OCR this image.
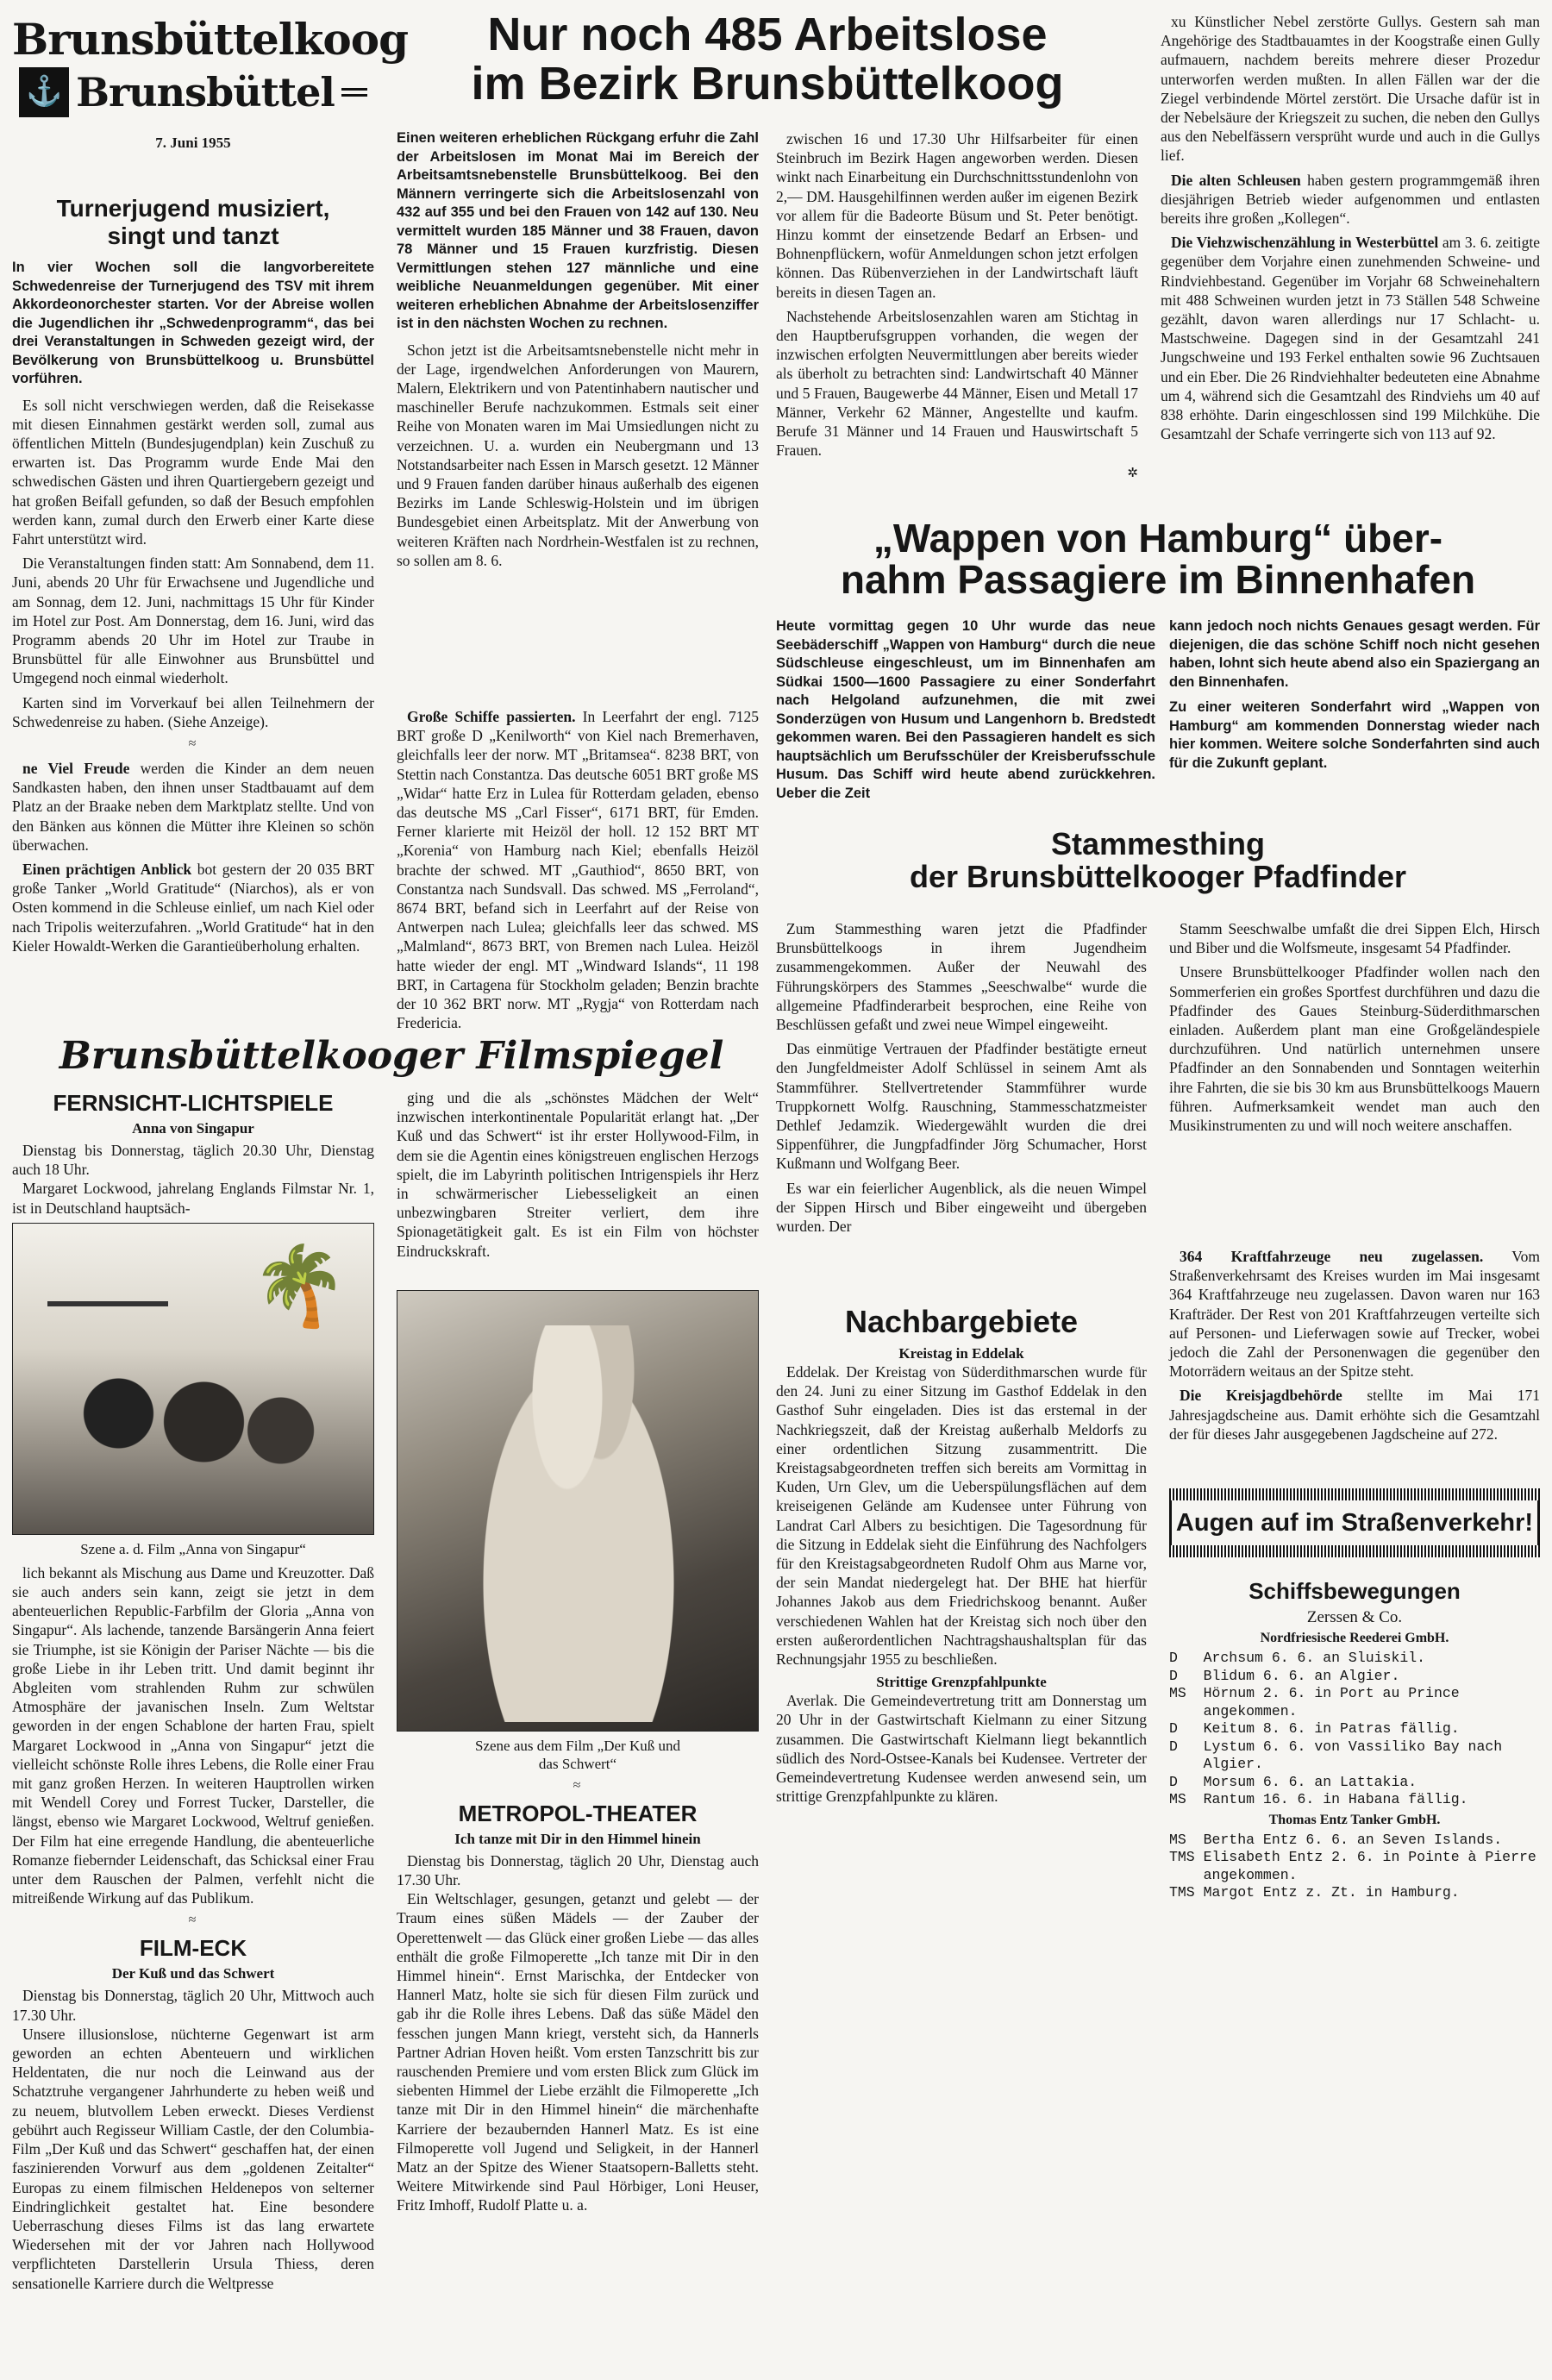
Brunsbüttelkoog
⚓ Brunsbüttel
7. Juni 1955
Turnerjugend musiziert, singt und tanzt

In vier Wochen soll die langvorbereitete Schwedenreise der Turnerjugend des TSV mit ihrem Akkordeonorchester starten. Vor der Abreise wollen die Jugendlichen ihr „Schwedenprogramm“, das bei drei Veranstaltungen in Schweden gezeigt wird, der Bevölkerung von Brunsbüttelkoog u. Brunsbüttel vorführen.

Es soll nicht verschwiegen werden, daß die Reisekasse mit diesen Einnahmen gestärkt werden soll, zumal aus öffentlichen Mitteln (Bundesjugendplan) kein Zuschuß zu erwarten ist. Das Programm wurde Ende Mai den schwedischen Gästen und ihren Quartiergebern gezeigt und hat großen Beifall gefunden, so daß der Besuch empfohlen werden kann, zumal durch den Erwerb einer Karte diese Fahrt unterstützt wird.

Die Veranstaltungen finden statt: Am Sonnabend, dem 11. Juni, abends 20 Uhr für Erwachsene und Jugendliche und am Sonnag, dem 12. Juni, nachmittags 15 Uhr für Kinder im Hotel zur Post. Am Donnerstag, dem 16. Juni, wird das Programm abends 20 Uhr im Hotel zur Traube in Brunsbüttel für alle Einwohner aus Brunsbüttel und Umgegend noch einmal wiederholt.

Karten sind im Vorverkauf bei allen Teilnehmern der Schwedenreise zu haben. (Siehe Anzeige).

≈

ne Viel Freude werden die Kinder an dem neuen Sandkasten haben, den ihnen unser Stadtbauamt auf dem Platz an der Braake neben dem Marktplatz stellte. Und von den Bänken aus können die Mütter ihre Kleinen so schön überwachen.

Einen prächtigen Anblick bot gestern der 20 035 BRT große Tanker „World Gratitude“ (Niarchos), als er von Osten kommend in die Schleuse einlief, um nach Kiel oder nach Tripolis weiterzufahren. „World Gratitude“ hat in den Kieler Howaldt-Werken die Garantieüberholung erhalten.

Brunsbüttelkooger Filmspiegel
FERNSICHT-LICHTSPIELE
Anna von Singapur

Dienstag bis Donnerstag, täglich 20.30 Uhr, Dienstag auch 18 Uhr.

Margaret Lockwood, jahrelang Englands Filmstar Nr. 1, ist in Deutschland hauptsäch-

🌴
Szene a. d. Film „Anna von Singapur“

lich bekannt als Mischung aus Dame und Kreuzotter. Daß sie auch anders sein kann, zeigt sie jetzt in dem abenteuerlichen Republic-Farbfilm der Gloria „Anna von Singapur“. Als lachende, tanzende Barsängerin Anna feiert sie Triumphe, ist sie Königin der Pariser Nächte — bis die große Liebe in ihr Leben tritt. Und damit beginnt ihr Abgleiten vom strahlenden Ruhm zur schwülen Atmosphäre der javanischen Inseln. Zum Weltstar geworden in der engen Schablone der harten Frau, spielt Margaret Lockwood in „Anna von Singapur“ jetzt die vielleicht schönste Rolle ihres Lebens, die Rolle einer Frau mit ganz großen Herzen. In weiteren Hauptrollen wirken mit Wendell Corey und Forrest Tucker, Darsteller, die längst, ebenso wie Margaret Lockwood, Weltruf genießen. Der Film hat eine erregende Handlung, die abenteuerliche Romanze fiebernder Leidenschaft, das Schicksal einer Frau unter dem Rauschen der Palmen, verfehlt nicht die mitreißende Wirkung auf das Publikum.

≈
FILM-ECK
Der Kuß und das Schwert

Dienstag bis Donnerstag, täglich 20 Uhr, Mittwoch auch 17.30 Uhr.

Unsere illusionslose, nüchterne Gegenwart ist arm geworden an echten Abenteuern und wirklichen Heldentaten, die nur noch die Leinwand aus der Schatztruhe vergangener Jahrhunderte zu heben weiß und zu neuem, blutvollem Leben erweckt. Dieses Verdienst gebührt auch Regisseur William Castle, der den Columbia-Film „Der Kuß und das Schwert“ geschaffen hat, der einen faszinierenden Vorwurf aus dem „goldenen Zeitalter“ Europas zu einem filmischen Heldenepos von selterner Eindringlichkeit gestaltet hat. Eine besondere Ueberraschung dieses Films ist das lang erwartete Wiedersehen mit der vor Jahren nach Hollywood verpflichteten Darstellerin Ursula Thiess, deren sensationelle Karriere durch die Weltpresse

Nur noch 485 Arbeitslose
im Bezirk Brunsbüttelkoog

Einen weiteren erheblichen Rückgang erfuhr die Zahl der Arbeitslosen im Monat Mai im Bereich der Arbeitsamtsnebenstelle Brunsbüttelkoog. Bei den Männern verringerte sich die Arbeitslosenzahl von 432 auf 355 und bei den Frauen von 142 auf 130. Neu vermittelt wurden 185 Männer und 38 Frauen, davon 78 Männer und 15 Frauen kurzfristig. Diesen Vermittlungen stehen 127 männliche und eine weibliche Neuanmeldungen gegenüber. Mit einer weiteren erheblichen Abnahme der Arbeitslosenziffer ist in den nächsten Wochen zu rechnen.

Schon jetzt ist die Arbeitsamtsnebenstelle nicht mehr in der Lage, irgendwelchen Anforderungen von Maurern, Malern, Elektrikern und von Patentinhabern nautischer und maschineller Berufe nachzukommen. Estmals seit einer Reihe von Monaten waren im Mai Umsiedlungen nicht zu verzeichnen. U. a. wurden ein Neubergmann und 13 Notstandsarbeiter nach Essen in Marsch gesetzt. 12 Männer und 9 Frauen fanden darüber hinaus außerhalb des eigenen Bezirks im Lande Schleswig-Holstein und im übrigen Bundesgebiet einen Arbeitsplatz. Mit der Anwerbung von weiteren Kräften nach Nordrhein-Westfalen ist zu rechnen, so sollen am 8. 6.

zwischen 16 und 17.30 Uhr Hilfsarbeiter für einen Steinbruch im Bezirk Hagen angeworben werden. Diesen winkt nach Einarbeitung ein Durchschnittsstundenlohn von 2,— DM. Hausgehilfinnen werden außer im eigenen Bezirk vor allem für die Badeorte Büsum und St. Peter benötigt. Hinzu kommt der einsetzende Bedarf an Erbsen- und Bohnenpflückern, wofür Anmeldungen schon jetzt erfolgen können. Das Rübenverziehen in der Landwirtschaft läuft bereits in diesen Tagen an.

Nachstehende Arbeitslosenzahlen waren am Stichtag in den Hauptberufsgruppen vorhanden, die wegen der inzwischen erfolgten Neuvermittlungen aber bereits wieder als überholt zu betrachten sind: Landwirtschaft 40 Männer und 5 Frauen, Baugewerbe 44 Männer, Eisen und Metall 17 Männer, Verkehr 62 Männer, Angestellte und kaufm. Berufe 31 Männer und 14 Frauen und Hauswirtschaft 5 Frauen.

✲

Große Schiffe passierten. In Leerfahrt der engl. 7125 BRT große D „Kenilworth“ von Kiel nach Bremerhaven, gleichfalls leer der norw. MT „Britamsea“. 8238 BRT, von Stettin nach Constantza. Das deutsche 6051 BRT große MS „Widar“ hatte Erz in Lulea für Rotterdam geladen, ebenso das deutsche MS „Carl Fisser“, 6171 BRT, für Emden. Ferner klarierte mit Heizöl der holl. 12 152 BRT MT „Korenia“ von Hamburg nach Kiel; ebenfalls Heizöl brachte der schwed. MT „Gauthiod“, 8650 BRT, von Constantza nach Sundsvall. Das schwed. MS „Ferroland“, 8674 BRT, befand sich in Leerfahrt auf der Reise von Antwerpen nach Lulea; gleichfalls leer das schwed. MS „Malmland“, 8673 BRT, von Bremen nach Lulea. Heizöl hatte wieder der engl. MT „Windward Islands“, 11 198 BRT, in Cartagena für Stockholm geladen; Benzin brachte der 10 362 BRT norw. MT „Rygja“ von Rotterdam nach Fredericia.

ging und die als „schönstes Mädchen der Welt“ inzwischen interkontinentale Popularität erlangt hat. „Der Kuß und das Schwert“ ist ihr erster Hollywood-Film, in dem sie die Agentin eines königstreuen englischen Herzogs spielt, die im Labyrinth politischen Intrigenspiels ihr Herz in schwärmerischer Liebesseligkeit an einen unbezwingbaren Streiter verliert, dem ihre Spionagetätigkeit galt. Es ist ein Film von höchster Eindruckskraft.

Szene aus dem Film „Der Kuß und das Schwert“
≈
METROPOL-THEATER
Ich tanze mit Dir in den Himmel hinein

Dienstag bis Donnerstag, täglich 20 Uhr, Dienstag auch 17.30 Uhr.

Ein Weltschlager, gesungen, getanzt und gelebt — der Traum eines süßen Mädels — der Zauber der Operettenwelt — das Glück einer großen Liebe — das alles enthält die große Filmoperette „Ich tanze mit Dir in den Himmel hinein“. Ernst Marischka, der Entdecker von Hannerl Matz, holte sie sich für diesen Film zurück und gab ihr die Rolle ihres Lebens. Daß das süße Mädel den fesschen jungen Mann kriegt, versteht sich, da Hannerls Partner Adrian Hoven heißt. Vom ersten Tanzschritt bis zur rauschenden Premiere und vom ersten Blick zum Glück im siebenten Himmel der Liebe erzählt die Filmoperette „Ich tanze mit Dir in den Himmel hinein“ die märchenhafte Karriere der bezaubernden Hannerl Matz. Es ist eine Filmoperette voll Jugend und Seligkeit, in der Hannerl Matz an der Spitze des Wiener Staatsopern-Balletts steht. Weitere Mitwirkende sind Paul Hörbiger, Loni Heuser, Fritz Imhoff, Rudolf Platte u. a.

xu Künstlicher Nebel zerstörte Gullys. Gestern sah man Angehörige des Stadtbauamtes in der Koogstraße einen Gully aufmauern, nachdem bereits mehrere dieser Prozedur unterworfen werden mußten. In allen Fällen war der die Ziegel verbindende Mörtel zerstört. Die Ursache dafür ist in der Nebelsäure der Kriegszeit zu suchen, die neben den Gullys aus den Nebelfässern versprüht wurde und auch in die Gullys lief.

Die alten Schleusen haben gestern programmgemäß ihren diesjährigen Betrieb wieder aufgenommen und entlasten bereits ihre großen „Kollegen“.

Die Viehzwischenzählung in Westerbüttel am 3. 6. zeitigte gegenüber dem Vorjahre einen zunehmenden Schweine- und Rindviehbestand. Gegenüber im Vorjahr 68 Schweinehaltern mit 488 Schweinen wurden jetzt in 73 Ställen 548 Schweine gezählt, davon waren allerdings nur 17 Schlacht- u. Mastschweine. Dagegen sind in der Gesamtzahl 241 Jungschweine und 193 Ferkel enthalten sowie 96 Zuchtsauen und ein Eber. Die 26 Rindviehhalter bedeuteten eine Abnahme um 4, während sich die Gesamtzahl des Rindviehs um 40 auf 838 erhöhte. Darin eingeschlossen sind 199 Milchkühe. Die Gesamtzahl der Schafe verringerte sich von 113 auf 92.

„Wappen von Hamburg“ über-
nahm Passagiere im Binnenhafen

Heute vormittag gegen 10 Uhr wurde das neue Seebäderschiff „Wappen von Hamburg“ durch die neue Südschleuse eingeschleust, um im Binnenhafen am Südkai 1500—1600 Passagiere zu einer Sonderfahrt nach Helgoland aufzunehmen, die mit zwei Sonderzügen von Husum und Langenhorn b. Bredstedt gekommen waren. Bei den Passagieren handelt es sich hauptsächlich um Berufsschüler der Kreisberufsschule Husum. Das Schiff wird heute abend zurückkehren. Ueber die Zeit

kann jedoch noch nichts Genaues gesagt werden. Für diejenigen, die das schöne Schiff noch nicht gesehen haben, lohnt sich heute abend also ein Spaziergang an den Binnenhafen.

Zu einer weiteren Sonderfahrt wird „Wappen von Hamburg“ am kommenden Donnerstag wieder nach hier kommen. Weitere solche Sonderfahrten sind auch für die Zukunft geplant.

Stammesthing
der Brunsbüttelkooger Pfadfinder

Zum Stammesthing waren jetzt die Pfadfinder Brunsbüttelkoogs in ihrem Jugendheim zusammengekommen. Außer der Neuwahl des Führungskörpers des Stammes „Seeschwalbe“ wurde die allgemeine Pfadfinderarbeit besprochen, eine Reihe von Beschlüssen gefaßt und zwei neue Wimpel eingeweiht.

Das einmütige Vertrauen der Pfadfinder bestätigte erneut den Jungfeldmeister Adolf Schlüssel in seinem Amt als Stammführer. Stellvertretender Stammführer wurde Truppkornett Wolfg. Rauschning, Stammesschatzmeister Dethlef Jedamzik. Wiedergewählt wurden die drei Sippenführer, die Jungpfadfinder Jörg Schumacher, Horst Kußmann und Wolfgang Beer.

Es war ein feierlicher Augenblick, als die neuen Wimpel der Sippen Hirsch und Biber eingeweiht und übergeben wurden. Der

Stamm Seeschwalbe umfaßt die drei Sippen Elch, Hirsch und Biber und die Wolfsmeute, insgesamt 54 Pfadfinder.

Unsere Brunsbüttelkooger Pfadfinder wollen nach den Sommerferien ein großes Sportfest durchführen und dazu die Pfadfinder des Gaues Steinburg-Süderdithmarschen einladen. Außerdem plant man eine Großgeländespiele durchzuführen. Und natürlich unternehmen unsere Pfadfinder an den Sonnabenden und Sonntagen weiterhin ihre Fahrten, die sie bis 30 km aus Brunsbüttelkoogs Mauern führen. Aufmerksamkeit wendet man auch den Musikinstrumenten zu und will noch weitere anschaffen.

364 Kraftfahrzeuge neu zugelassen. Vom Straßenverkehrsamt des Kreises wurden im Mai insgesamt 364 Kraftfahrzeuge neu zugelassen. Davon waren nur 163 Krafträder. Der Rest von 201 Kraftfahrzeugen verteilte sich auf Personen- und Lieferwagen sowie auf Trecker, wobei jedoch die Zahl der Personenwagen die gegenüber den Motorrädern weitaus an der Spitze steht.

Die Kreisjagdbehörde stellte im Mai 171 Jahresjagdscheine aus. Damit erhöhte sich die Gesamtzahl der für dieses Jahr ausgegebenen Jagdscheine auf 272.

Nachbargebiete
Kreistag in Eddelak

Eddelak. Der Kreistag von Süderdithmarschen wurde für den 24. Juni zu einer Sitzung im Gasthof Eddelak in den Gasthof Suhr eingeladen. Dies ist das erstemal in der Nachkriegszeit, daß der Kreistag außerhalb Meldorfs zu einer ordentlichen Sitzung zusammentritt. Die Kreistagsabgeordneten treffen sich bereits am Vormittag in Kuden, Urn Glev, um die Ueberspülungsflächen auf dem kreiseigenen Gelände am Kudensee unter Führung von Landrat Carl Albers zu besichtigen. Die Tagesordnung für die Sitzung in Eddelak sieht die Einführung des Nachfolgers für den Kreistagsabgeordneten Rudolf Ohm aus Marne vor, der sein Mandat niedergelegt hat. Der BHE hat hierfür Johannes Jakob aus dem Friedrichskoog benannt. Außer verschiedenen Wahlen hat der Kreistag sich noch über den ersten außerordentlichen Nachtragshaushaltsplan für das Rechnungsjahr 1955 zu beschließen.

Strittige Grenzpfahlpunkte

Averlak. Die Gemeindevertretung tritt am Donnerstag um 20 Uhr in der Gastwirtschaft Kielmann zu einer Sitzung zusammen. Die Gastwirtschaft Kielmann liegt bekanntlich südlich des Nord-Ostsee-Kanals bei Kudensee. Vertreter der Gemeindevertretung Kudensee werden anwesend sein, um strittige Grenzpfahlpunkte zu klären.

Augen auf im Straßenverkehr!
Schiffsbewegungen
Zerssen & Co.
Nordfriesische Reederei GmbH.
D   Archsum 6. 6. an Sluiskil.
D   Blidum 6. 6. an Algier.
MS  Hörnum 2. 6. in Port au Prince
angekommen.
D   Keitum 8. 6. in Patras fällig.
D   Lystum 6. 6. von Vassiliko Bay nach
Algier.
D   Morsum 6. 6. an Lattakia.
MS  Rantum 16. 6. in Habana fällig.
Thomas Entz Tanker GmbH.
MS  Bertha Entz 6. 6. an Seven Islands.
TMS Elisabeth Entz 2. 6. in Pointe à Pierre
angekommen.
TMS Margot Entz z. Zt. in Hamburg.
